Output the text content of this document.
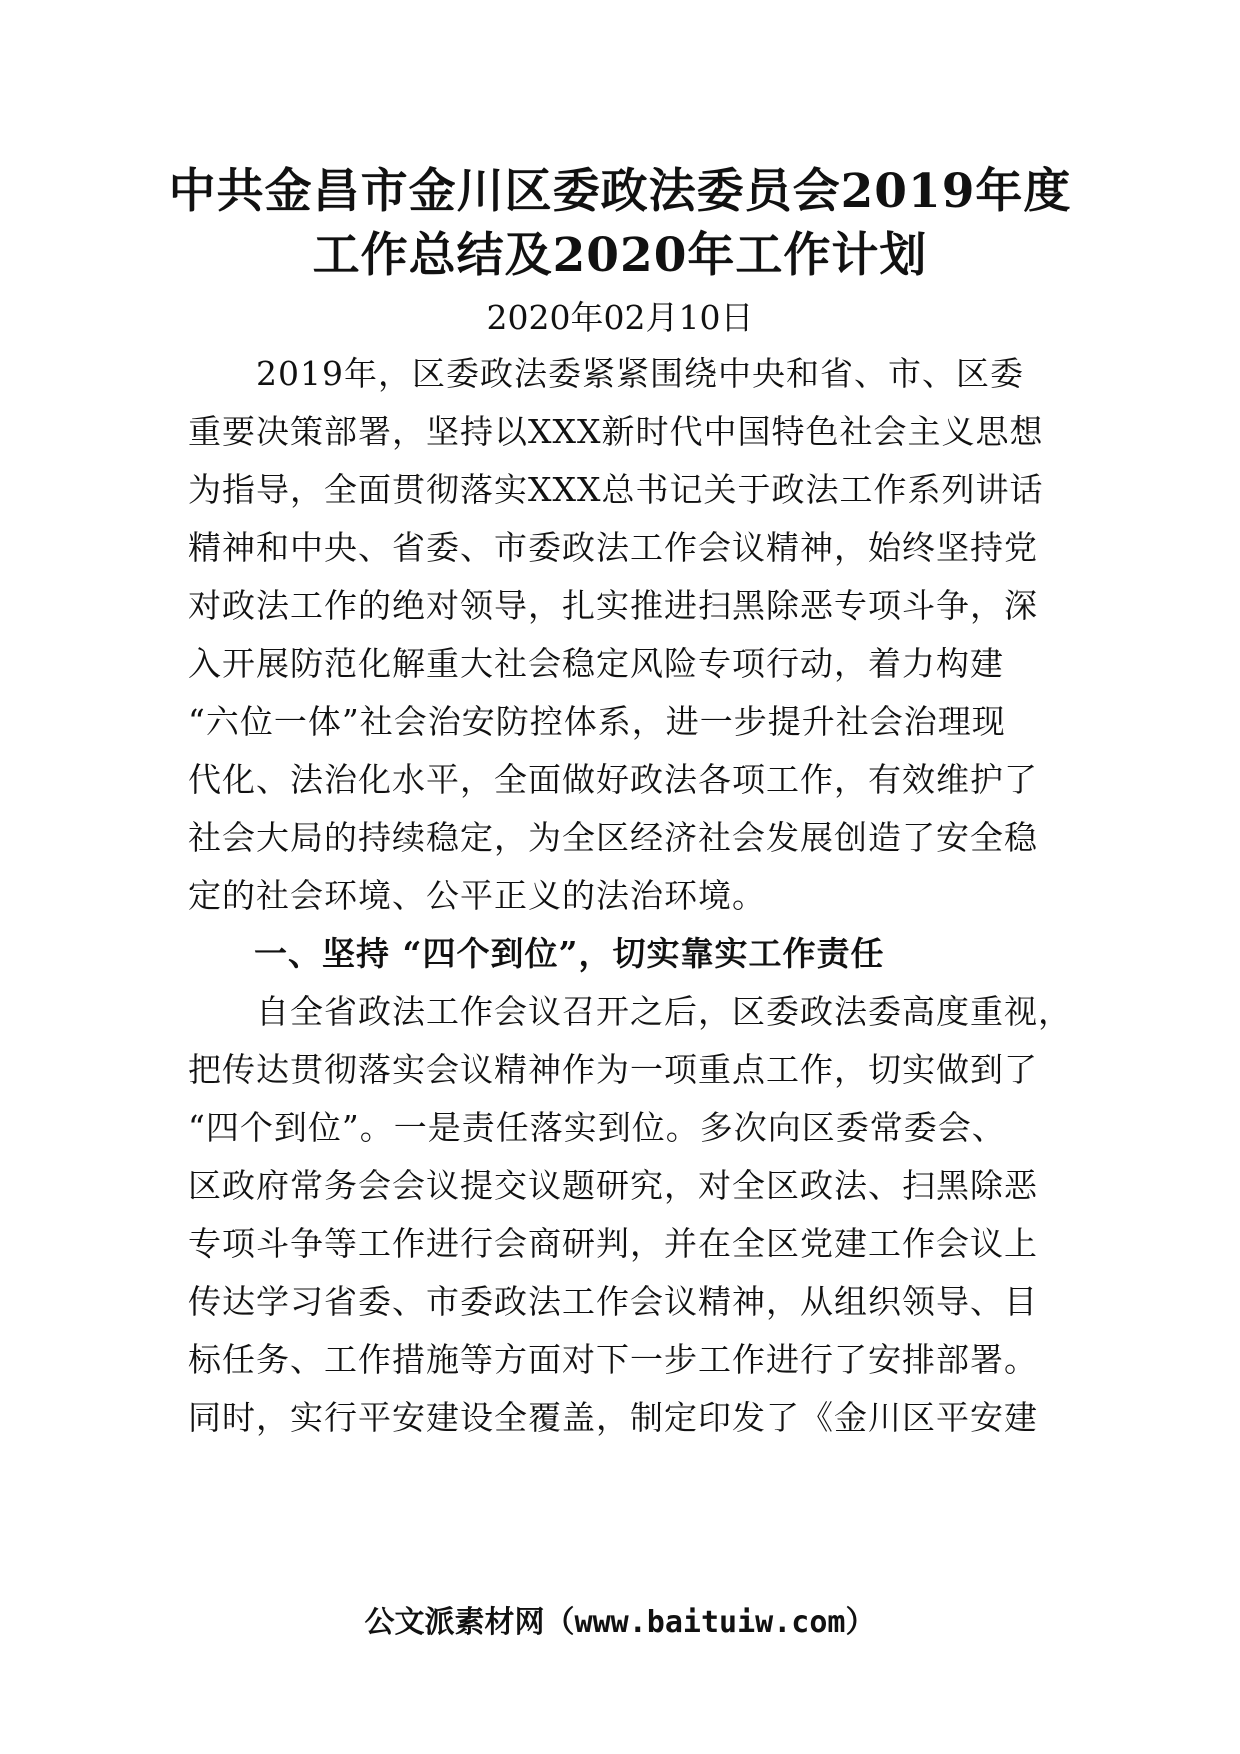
中共金昌市金川区委政法委员会2019年度
工作总结及2020年工作计划
2020年02月10日
　　2019年，区委政法委紧紧围绕中央和省、市、区委
重要决策部署，坚持以XXX新时代中国特色社会主义思想
为指导，全面贯彻落实XXX总书记关于政法工作系列讲话
精神和中央、省委、市委政法工作会议精神，始终坚持党
对政法工作的绝对领导，扎实推进扫黑除恶专项斗争，深
入开展防范化解重大社会稳定风险专项行动，着力构建
“六位一体”社会治安防控体系，进一步提升社会治理现
代化、法治化水平，全面做好政法各项工作，有效维护了
社会大局的持续稳定，为全区经济社会发展创造了安全稳
定的社会环境、公平正义的法治环境。
一、坚持 “四个到位”，切实靠实工作责任
　　自全省政法工作会议召开之后，区委政法委高度重视，
把传达贯彻落实会议精神作为一项重点工作，切实做到了
“四个到位”。一是责任落实到位。多次向区委常委会、
区政府常务会会议提交议题研究，对全区政法、扫黑除恶
专项斗争等工作进行会商研判，并在全区党建工作会议上
传达学习省委、市委政法工作会议精神，从组织领导、目
标任务、工作措施等方面对下一步工作进行了安排部署。
同时，实行平安建设全覆盖，制定印发了《金川区平安建
公文派素材网（www.baituiw.com）
